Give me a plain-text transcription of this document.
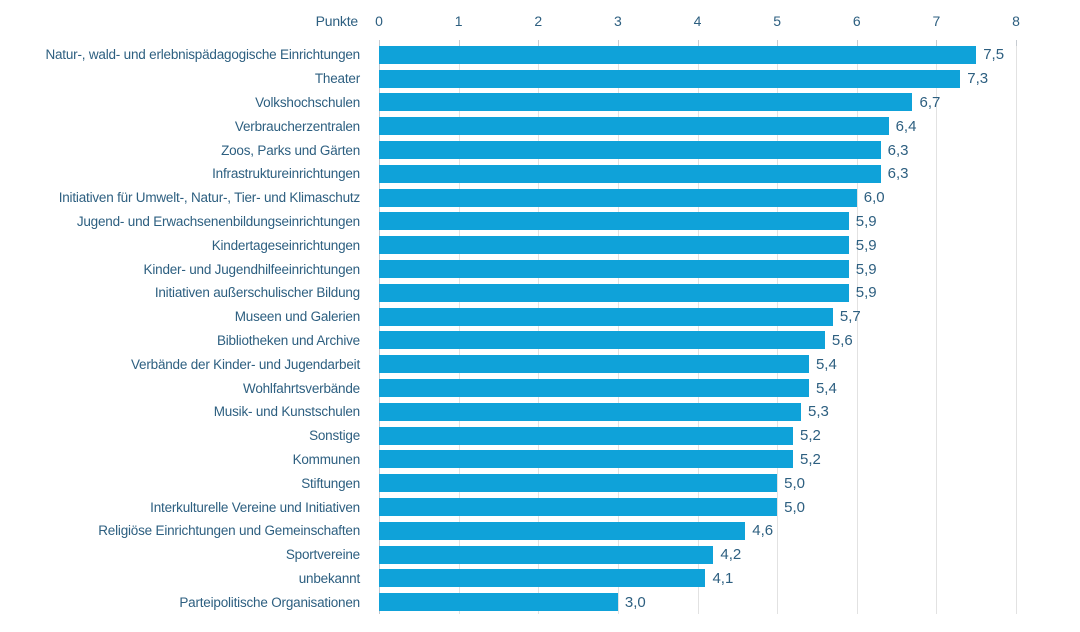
Punkte 0	1	2	3	4	5	6	7	8
Natur-, wald- und erlebnispädagogische Einrichtungen	7,5
Theater	7,3
Volkshochschulen	6,7
Verbraucherzentralen	6,4
Zoos, Parks und Gärten	6,3
Infrastruktureinrichtungen	6,3
Initiativen für Umwelt-, Natur-, Tier- und Klimaschutz	6,0
Jugend- und Erwachsenenbildungseinrichtungen	5,9
Kindertageseinrichtungen	5,9
Kinder- und Jugendhilfeeinrichtungen	5,9
Initiativen außerschulischer Bildung	5,9
Museen und Galerien	5,7
Bibliotheken und Archive	5,6
Verbände der Kinder- und Jugendarbeit	5,4
Wohlfahrtsverbände	5,4
Musik- und Kunstschulen	5,3
Sonstige	5,2
Kommunen	5,2
Stiftungen	5,0
Interkulturelle Vereine und Initiativen	5,0
Religiöse Einrichtungen und Gemeinschaften	4,6
Sportvereine	4,2
unbekannt	4,1
Parteipolitische Organisationen	3,0
